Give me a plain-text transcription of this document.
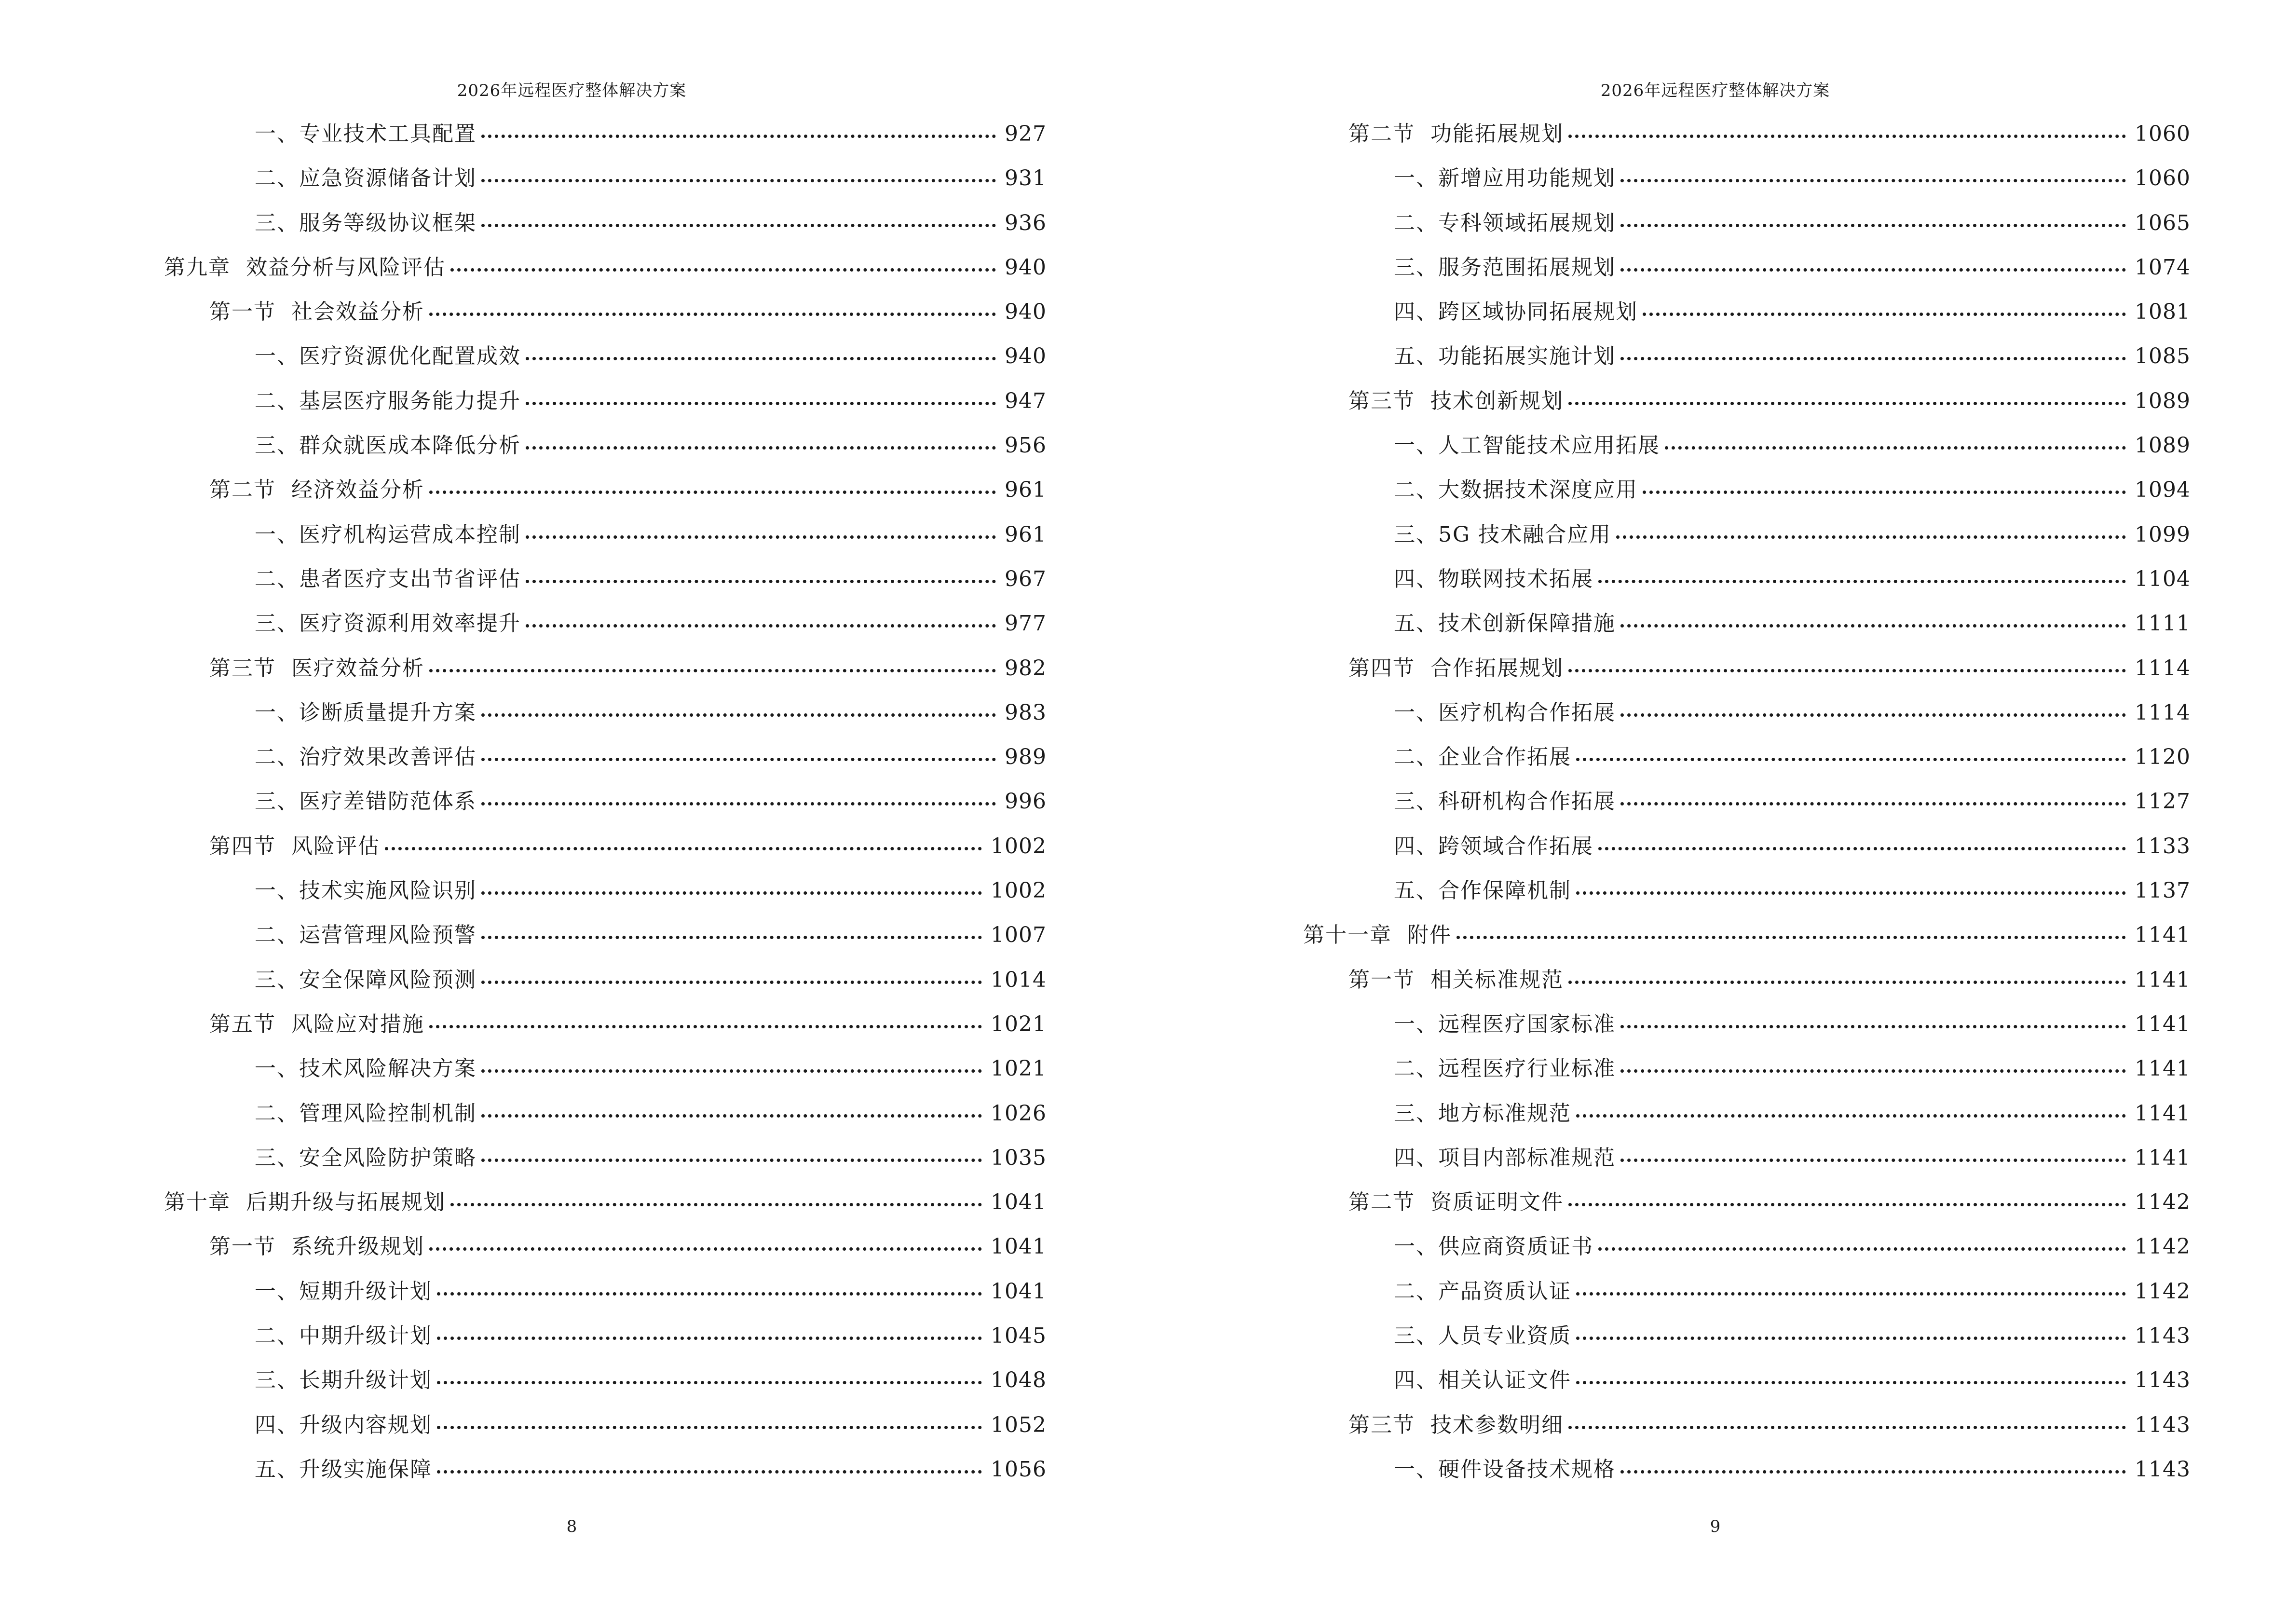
2026年远程医疗整体解决方案
一、专业技术工具配置	927
二、应急资源储备计划	931
三、服务等级协议框架	936
第九章  效益分析与风险评估	940
第一节  社会效益分析	940
一、医疗资源优化配置成效	940
二、基层医疗服务能力提升	947
三、群众就医成本降低分析	956
第二节  经济效益分析	961
一、医疗机构运营成本控制	961
二、患者医疗支出节省评估	967
三、医疗资源利用效率提升	977
第三节  医疗效益分析	982
一、诊断质量提升方案	983
二、治疗效果改善评估	989
三、医疗差错防范体系	996
第四节  风险评估	1002
一、技术实施风险识别	1002
二、运营管理风险预警	1007
三、安全保障风险预测	1014
第五节  风险应对措施	1021
一、技术风险解决方案	1021
二、管理风险控制机制	1026
三、安全风险防护策略	1035
第十章  后期升级与拓展规划	1041
第一节  系统升级规划	1041
一、短期升级计划	1041
二、中期升级计划	1045
三、长期升级计划	1048
四、升级内容规划	1052
五、升级实施保障	1056
8
2026年远程医疗整体解决方案
第二节  功能拓展规划	1060
一、新增应用功能规划	1060
二、专科领域拓展规划	1065
三、服务范围拓展规划	1074
四、跨区域协同拓展规划	1081
五、功能拓展实施计划	1085
第三节  技术创新规划	1089
一、人工智能技术应用拓展	1089
二、大数据技术深度应用	1094
三、5G 技术融合应用	1099
四、物联网技术拓展	1104
五、技术创新保障措施	1111
第四节  合作拓展规划	1114
一、医疗机构合作拓展	1114
二、企业合作拓展	1120
三、科研机构合作拓展	1127
四、跨领域合作拓展	1133
五、合作保障机制	1137
第十一章  附件	1141
第一节  相关标准规范	1141
一、远程医疗国家标准	1141
二、远程医疗行业标准	1141
三、地方标准规范	1141
四、项目内部标准规范	1141
第二节  资质证明文件	1142
一、供应商资质证书	1142
二、产品资质认证	1142
三、人员专业资质	1143
四、相关认证文件	1143
第三节  技术参数明细	1143
一、硬件设备技术规格	1143
9
